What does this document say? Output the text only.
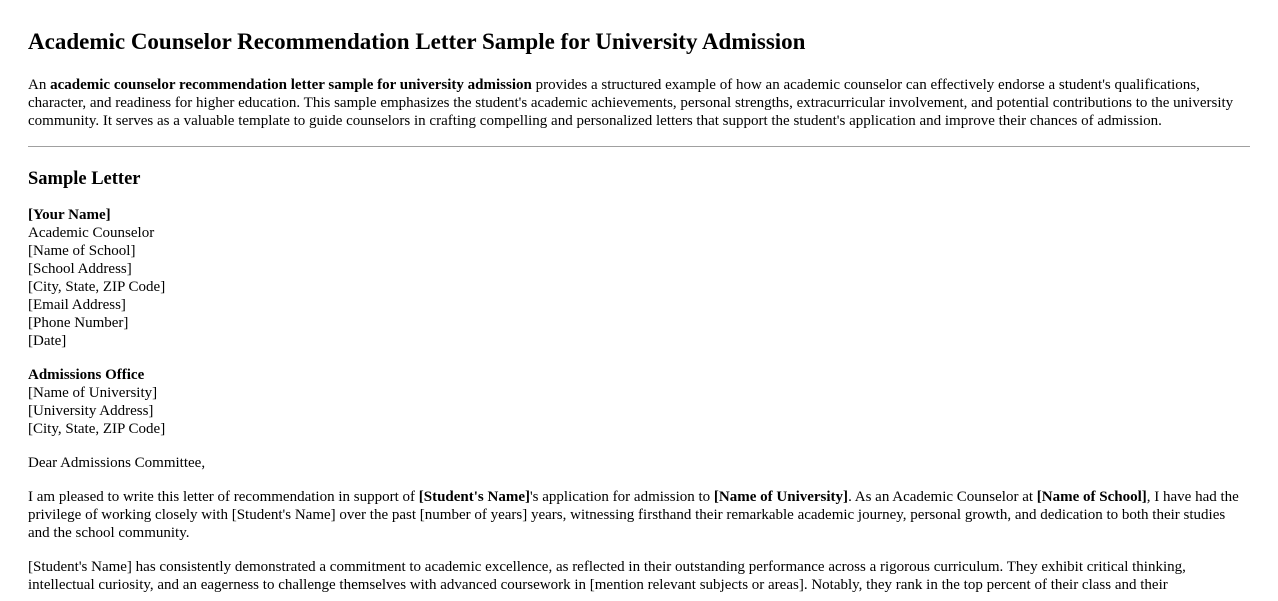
Academic Counselor Recommendation Letter Sample for University Admission

An academic counselor recommendation letter sample for university admission provides a structured example of how an academic counselor can effectively endorse a student's qualifications, character, and readiness for higher education. This sample emphasizes the student's academic achievements, personal strengths, extracurricular involvement, and potential contributions to the university community. It serves as a valuable template to guide counselors in crafting compelling and personalized letters that support the student's application and improve their chances of admission.

Sample Letter
[Your Name]
Academic Counselor
[Name of School]
[School Address]
[City, State, ZIP Code]
[Email Address]
[Phone Number]
[Date]
Admissions Office
[Name of University]
[University Address]
[City, State, ZIP Code]

Dear Admissions Committee,

I am pleased to write this letter of recommendation in support of [Student's Name]'s application for admission to [Name of University]. As an Academic Counselor at [Name of School], I have had the privilege of working closely with [Student's Name] over the past [number of years] years, witnessing firsthand their remarkable academic journey, personal growth, and dedication to both their studies and the school community.

[Student's Name] has consistently demonstrated a commitment to academic excellence, as reflected in their outstanding performance across a rigorous curriculum. They exhibit critical thinking, intellectual curiosity, and an eagerness to challenge themselves with advanced coursework in [mention relevant subjects or areas]. Notably, they rank in the top percent of their class and their
